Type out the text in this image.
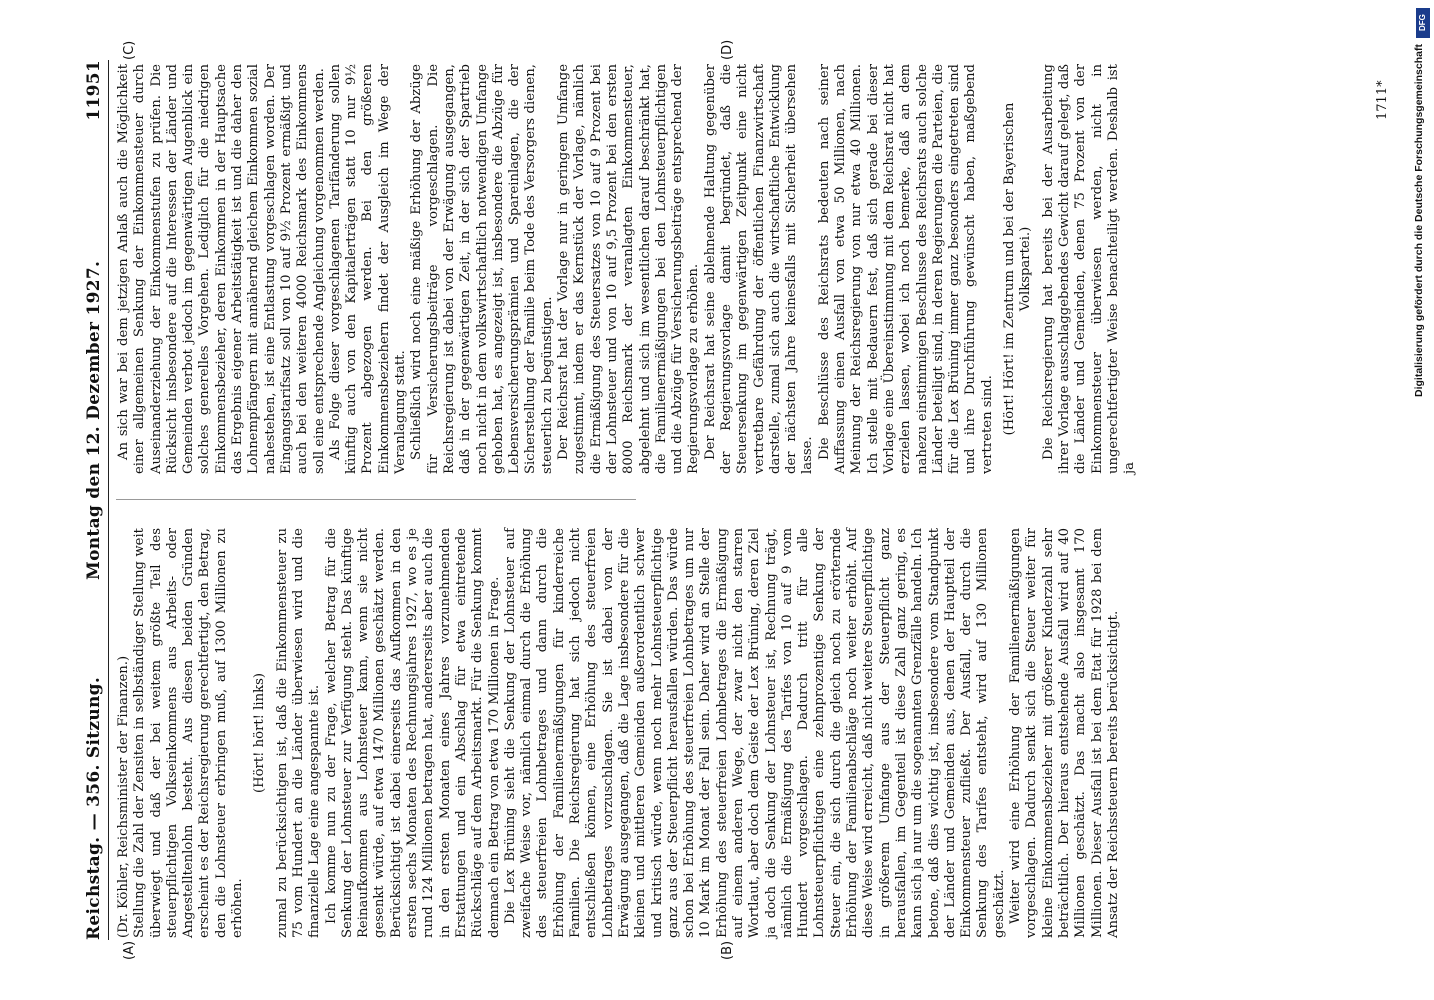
Reichstag. — 356. Sitzung.
Montag den 12. Dezember 1927.
11951
(A)	(B)
(C)	(D)

(Dr. Köhler, Reichsminister der Finanzen.) Stellung die Zahl der Zensiten in selbständiger Stellung weit überwiegt und daß der bei weitem größte Teil des steuerpflichtigen Volkseinkommens aus Arbeits- oder Angestelltenlohn besteht. Aus diesen beiden Gründen erscheint es der Reichsregierung gerechtfertigt, den Betrag, den die Lohnsteuer erbringen muß, auf 1300 Millionen zu erhöhen.

(Hört! hört! links) zumal zu berücksichtigen ist, daß die Einkommensteuer zu 75 vom Hundert an die Länder überwiesen wird und die finanzielle Lage eine angespannte ist. Ich komme nun zu der Frage, welcher Betrag für die Senkung der Lohnsteuer zur Verfügung steht. Das künftige Reinaufkommen aus Lohnsteuer kann, wenn sie nicht gesenkt würde, auf etwa 1470 Millionen geschätzt werden. Berücksichtigt ist dabei einerseits das Aufkommen in den ersten sechs Monaten des Rechnungsjahres 1927, wo es je rund 124 Millionen betragen hat, andererseits aber auch die in den ersten Monaten eines Jahres vorzunehmenden Erstattungen und ein Abschlag für etwa eintretende Rückschläge auf dem Arbeitsmarkt. Für die Senkung kommt demnach ein Betrag von etwa 170 Millionen in Frage. Die Lex Brüning sieht die Senkung der Lohnsteuer auf zweifache Weise vor, nämlich einmal durch die Erhöhung des steuerfreien Lohnbetrages und dann durch die Erhöhung der Familienermäßigungen für kinderreiche Familien. Die Reichsregierung hat sich jedoch nicht entschließen können, eine Erhöhung des steuerfreien Lohnbetrages vorzuschlagen. Sie ist dabei von der Erwägung ausgegangen, daß die Lage insbesondere für die kleinen und mittleren Gemeinden außerordentlich schwer und kritisch würde, wenn noch mehr Lohnsteuerpflichtige ganz aus der Steuerpflicht herausfallen würden. Das würde schon bei Erhöhung des steuerfreien Lohnbetrages um nur 10 Mark im Monat der Fall sein. Daher wird an Stelle der Erhöhung des steuerfreien Lohnbetrages die Ermäßigung auf einem anderen Wege, der zwar nicht den starren Wortlaut, aber doch dem Geiste der Lex Brüning, deren Ziel ja doch die Senkung der Lohnsteuer ist, Rechnung trägt, nämlich die Ermäßigung des Tarifes von 10 auf 9 vom Hundert vorgeschlagen. Dadurch tritt für alle Lohnsteuerpflichtigen eine zehnprozentige Senkung der Steuer ein, die sich durch die gleich noch zu erörternde Erhöhung der Familienabschläge noch weiter erhöht. Auf diese Weise wird erreicht, daß nicht weitere Steuerpflichtige in größerem Umfange aus der Steuerpflicht ganz herausfallen, im Gegenteil ist diese Zahl ganz gering, es kann sich ja nur um die sogenannten Grenzfälle handeln. Ich betone, daß dies wichtig ist, insbesondere vom Standpunkt der Länder und Gemeinden aus, denen der Hauptteil der Einkommensteuer zufließt. Der Ausfall, der durch die Senkung des Tarifes entsteht, wird auf 130 Millionen geschätzt. Weiter wird eine Erhöhung der Familienermäßigungen vorgeschlagen. Dadurch senkt sich die Steuer weiter für kleine Einkommensbezieher mit größerer Kinderzahl sehr beträchtlich. Der hieraus entstehende Ausfall wird auf 40 Millionen geschätzt. Das macht also insgesamt 170 Millionen. Dieser Ausfall ist bei dem Etat für 1928 bei dem Ansatz der Reichssteuern bereits berücksichtigt.

An sich war bei dem jetzigen Anlaß auch die Möglichkeit einer allgemeinen Senkung der Einkommensteuer durch Auseinanderziehung der Einkommenstufen zu prüfen. Die Rücksicht insbesondere auf die Interessen der Länder und Gemeinden verbot jedoch im gegenwärtigen Augenblick ein solches generelles Vorgehen. Lediglich für die niedrigen Einkommensbezieher, deren Einkommen in der Hauptsache das Ergebnis eigener Arbeitstätigkeit ist und die daher den Lohnempfängern mit annähernd gleichem Einkommen sozial nahestehen, ist eine Entlastung vorgeschlagen worden. Der Eingangstarifsatz soll von 10 auf 9½ Prozent ermäßigt und auch bei den weiteren 4000 Reichsmark des Einkommens soll eine entsprechende Angleichung vorgenommen werden. Als Folge dieser vorgeschlagenen Tarifänderung sollen künftig auch von den Kapitalerträgen statt 10 nur 9½ Prozent abgezogen werden. Bei den größeren Einkommensbeziehern findet der Ausgleich im Wege der Veranlagung statt. Schließlich wird noch eine mäßige Erhöhung der Abzüge für Versicherungsbeiträge vorgeschlagen. Die Reichsregierung ist dabei von der Erwägung ausgegangen, daß in der gegenwärtigen Zeit, in der sich der Spartrieb noch nicht in dem volkswirtschaftlich notwendigen Umfange gehoben hat, es angezeigt ist, insbesondere die Abzüge für Lebensversicherungsprämien und Spareinlagen, die der Sicherstellung der Familie beim Tode des Versorgers dienen, steuerlich zu begünstigen. Der Reichsrat hat der Vorlage nur in geringem Umfange zugestimmt, indem er das Kernstück der Vorlage, nämlich die Ermäßigung des Steuersatzes von 10 auf 9 Prozent bei der Lohnsteuer und von 10 auf 9,5 Prozent bei den ersten 8000 Reichsmark der veranlagten Einkommensteuer, abgelehnt und sich im wesentlichen darauf beschränkt hat, die Familienermäßigungen bei den Lohnsteuerpflichtigen und die Abzüge für Versicherungsbeiträge entsprechend der Regierungsvorlage zu erhöhen. Der Reichsrat hat seine ablehnende Haltung gegenüber der Regierungsvorlage damit begründet, daß die Steuersenkung im gegenwärtigen Zeitpunkt eine nicht vertretbare Gefährdung der öffentlichen Finanzwirtschaft darstelle, zumal sich auch die wirtschaftliche Entwicklung der nächsten Jahre keinesfalls mit Sicherheit übersehen lasse. Die Beschlüsse des Reichsrats bedeuten nach seiner Auffassung einen Ausfall von etwa 50 Millionen, nach Meinung der Reichsregierung von nur etwa 40 Millionen. Ich stelle mit Bedauern fest, daß sich gerade bei dieser Vorlage eine Übereinstimmung mit dem Reichsrat nicht hat erzielen lassen, wobei ich noch bemerke, daß an dem nahezu einstimmigen Beschlusse des Reichsrats auch solche Länder beteiligt sind, in deren Regierungen die Parteien, die für die Lex Brüning immer ganz besonders eingetreten sind und ihre Durchführung gewünscht haben, maßgebend vertreten sind. (Hört! Hört! im Zentrum und bei der Bayerischen Volkspartei.) Die Reichsregierung hat bereits bei der Ausarbeitung ihrer Vorlage ausschlaggebendes Gewicht darauf gelegt, daß die Länder und Gemeinden, denen 75 Prozent von der Einkommensteuer überwiesen werden, nicht in ungerechtfertigter Weise benachteiligt werden. Deshalb ist ja

1711*
DFG
Digitalisierung gefördert durch die Deutsche Forschungsgemeinschaft
